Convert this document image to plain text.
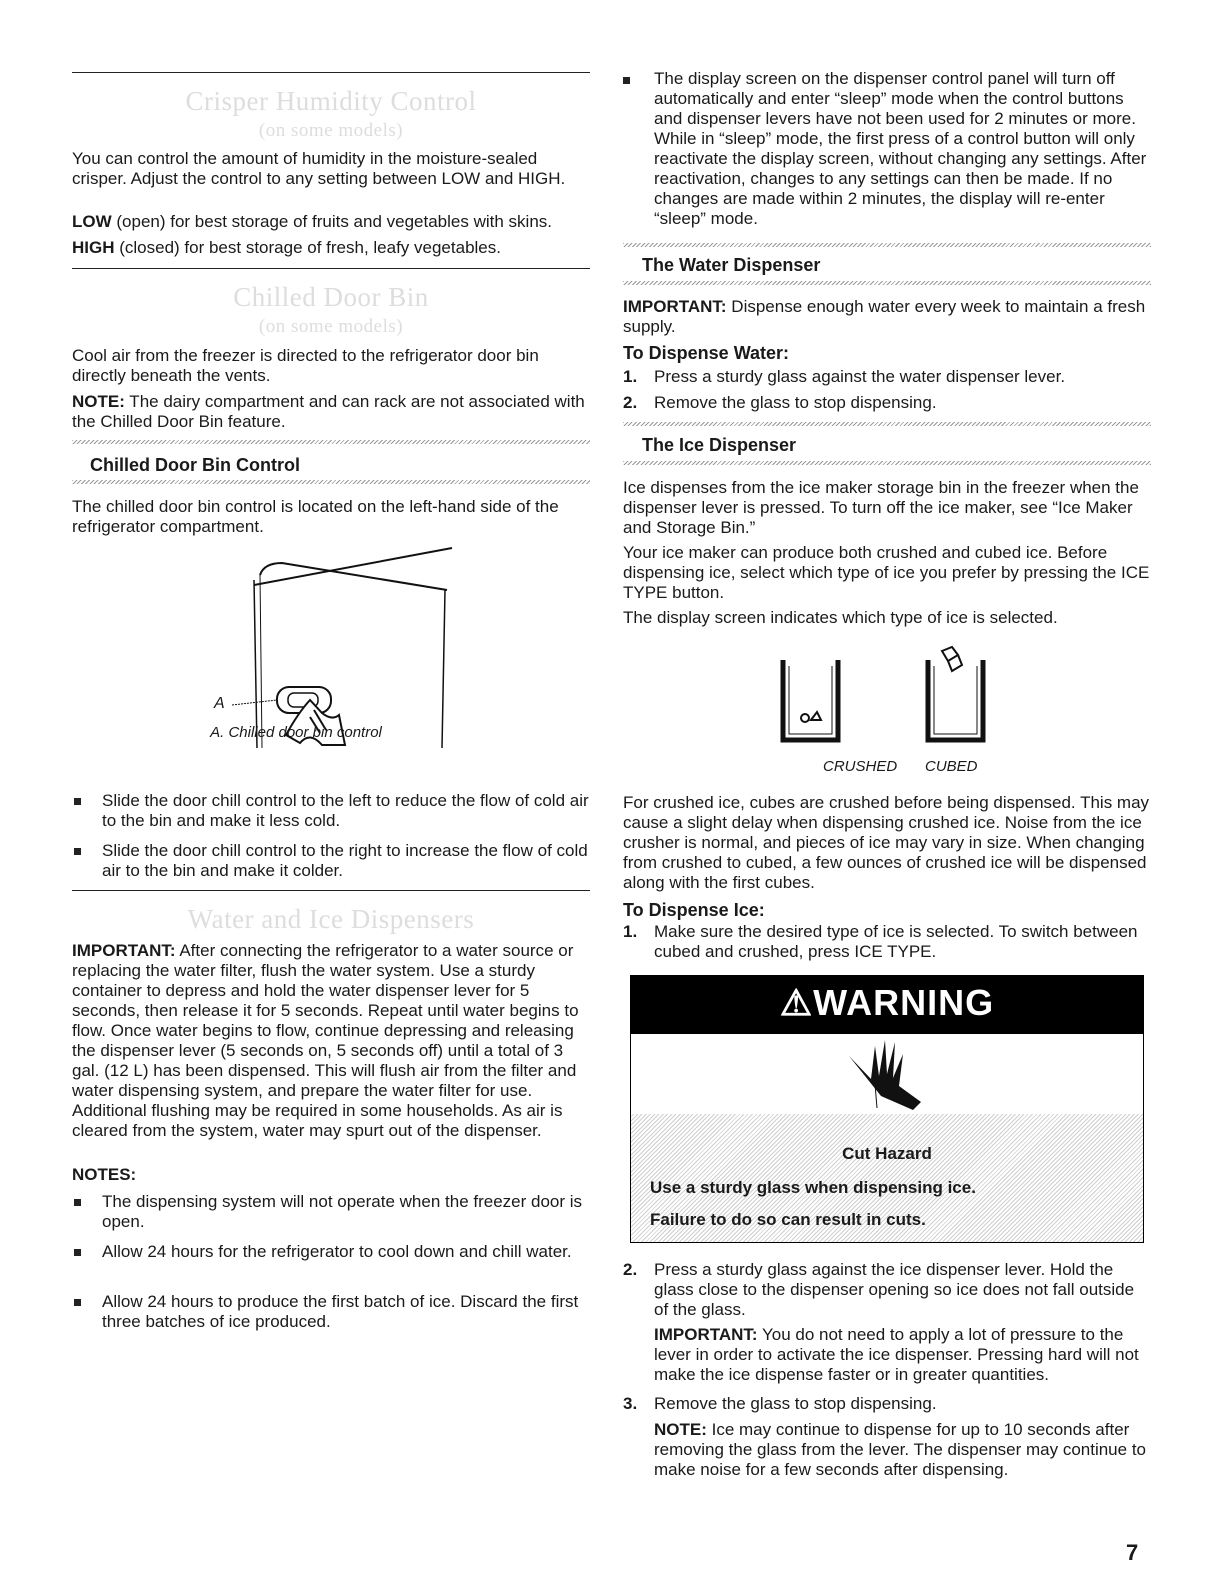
Crisper Humidity Control
(on some models)

You can control the amount of humidity in the moisture-sealed crisper. Adjust the control to any setting between LOW and HIGH.

LOW (open) for best storage of fruits and vegetables with skins.

HIGH (closed) for best storage of fresh, leafy vegetables.

Chilled Door Bin
(on some models)

Cool air from the freezer is directed to the refrigerator door bin directly beneath the vents.

NOTE: The dairy compartment and can rack are not associated with the Chilled Door Bin feature.

Chilled Door Bin Control

The chilled door bin control is located on the left-hand side of the refrigerator compartment.

A
A. Chilled door bin control

Slide the door chill control to the left to reduce the flow of cold air to the bin and make it less cold.

Slide the door chill control to the right to increase the flow of cold air to the bin and make it colder.

Water and Ice Dispensers

IMPORTANT: After connecting the refrigerator to a water source or replacing the water filter, flush the water system. Use a sturdy container to depress and hold the water dispenser lever for 5 seconds, then release it for 5 seconds. Repeat until water begins to flow. Once water begins to flow, continue depressing and releasing the dispenser lever (5 seconds on, 5 seconds off) until a total of 3 gal. (12 L) has been dispensed. This will flush air from the filter and water dispensing system, and prepare the water filter for use. Additional flushing may be required in some households. As air is cleared from the system, water may spurt out of the dispenser.

NOTES:

The dispensing system will not operate when the freezer door is open.

Allow 24 hours for the refrigerator to cool down and chill water.

Allow 24 hours to produce the first batch of ice. Discard the first three batches of ice produced.

The display screen on the dispenser control panel will turn off automatically and enter “sleep” mode when the control buttons and dispenser levers have not been used for 2 minutes or more. While in “sleep” mode, the first press of a control button will only reactivate the display screen, without changing any settings. After reactivation, changes to any settings can then be made. If no changes are made within 2 minutes, the display will re-enter “sleep” mode.

The Water Dispenser

IMPORTANT: Dispense enough water every week to maintain a fresh supply.

To Dispense Water:
1. Press a sturdy glass against the water dispenser lever.

2. Remove the glass to stop dispensing.

The Ice Dispenser

Ice dispenses from the ice maker storage bin in the freezer when the dispenser lever is pressed. To turn off the ice maker, see “Ice Maker and Storage Bin.”

Your ice maker can produce both crushed and cubed ice. Before dispensing ice, select which type of ice you prefer by pressing the ICE TYPE button.

The display screen indicates which type of ice is selected.

CRUSHED CUBED

For crushed ice, cubes are crushed before being dispensed. This may cause a slight delay when dispensing crushed ice. Noise from the ice crusher is normal, and pieces of ice may vary in size. When changing from crushed to cubed, a few ounces of crushed ice will be dispensed along with the first cubes.

To Dispense Ice:
1. Make sure the desired type of ice is selected. To switch between cubed and crushed, press ICE TYPE.

2. Press a sturdy glass against the ice dispenser lever. Hold the glass close to the dispenser opening so ice does not fall outside of the glass.

IMPORTANT: You do not need to apply a lot of pressure to the lever in order to activate the ice dispenser. Pressing hard will not make the ice dispense faster or in greater quantities.

3. Remove the glass to stop dispensing.

NOTE: Ice may continue to dispense for up to 10 seconds after removing the glass from the lever. The dispenser may continue to make noise for a few seconds after dispensing.

⚠WARNING
Cut Hazard
Use a sturdy glass when dispensing ice.
Failure to do so can result in cuts.
7
